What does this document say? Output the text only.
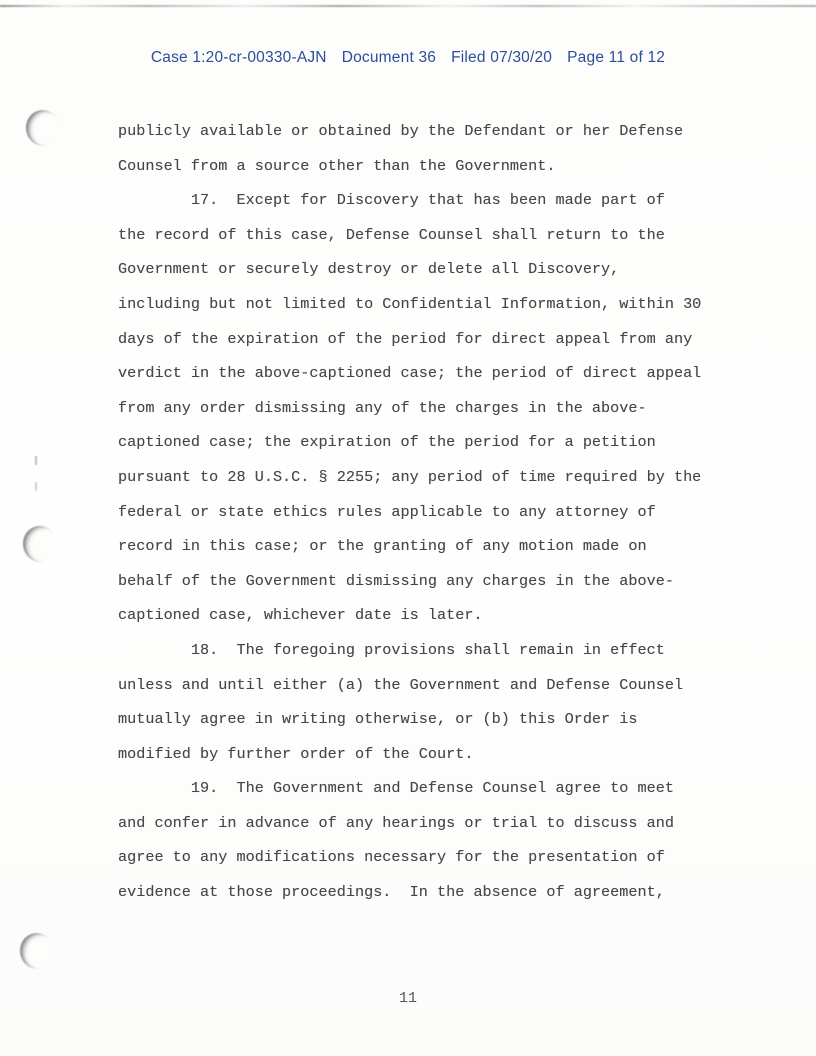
Case 1:20-cr-00330-AJN Document 36 Filed 07/30/20 Page 11 of 12
publicly available or obtained by the Defendant or her Defense
Counsel from a source other than the Government.
17.  Except for Discovery that has been made part of
the record of this case, Defense Counsel shall return to the
Government or securely destroy or delete all Discovery,
including but not limited to Confidential Information, within 30
days of the expiration of the period for direct appeal from any
verdict in the above-captioned case; the period of direct appeal
from any order dismissing any of the charges in the above-
captioned case; the expiration of the period for a petition
pursuant to 28 U.S.C. § 2255; any period of time required by the
federal or state ethics rules applicable to any attorney of
record in this case; or the granting of any motion made on
behalf of the Government dismissing any charges in the above-
captioned case, whichever date is later.
18.  The foregoing provisions shall remain in effect
unless and until either (a) the Government and Defense Counsel
mutually agree in writing otherwise, or (b) this Order is
modified by further order of the Court.
19.  The Government and Defense Counsel agree to meet
and confer in advance of any hearings or trial to discuss and
agree to any modifications necessary for the presentation of
evidence at those proceedings.  In the absence of agreement,
11
